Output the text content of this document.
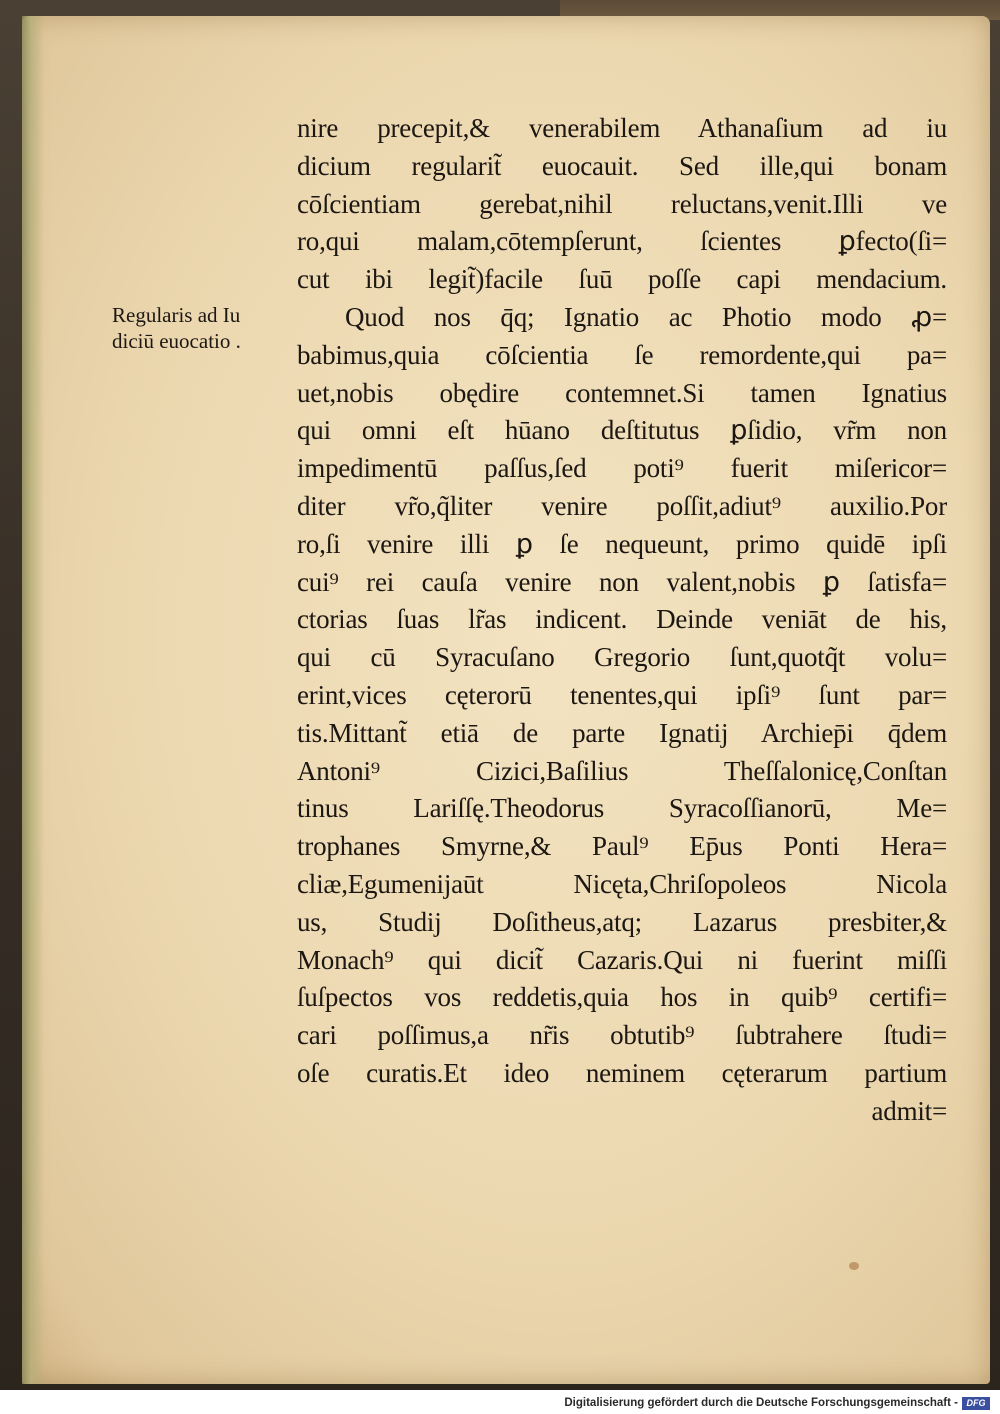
Regularis ad Iu
diciū euocatio .
nire precepit,& venerabilem Athanaſium ad iu
dicium regularit̃ euocauit. Sed ille,qui bonam
cōſcientiam gerebat,nihil reluctans,venit.Illi ve
ro,qui malam,cōtempſerunt, ſcientes ꝑfecto(ſi=
cut ibi legit̃)facile ſuū poſſe capi mendacium.
Quod nos q̄q; Ignatio ac Photio modo ꝓ=
babimus,quia cōſcientia ſe remordente,qui pa=
uet,nobis obędire contemnet.Si tamen Ignatius
qui omni eſt hūano deſtitutus ꝑſidio, vr̃m non
impedimentū paſſus,ſed poti⁹ fuerit miſericor=
diter vr̃o,q̃liter venire poſſit,adiut⁹ auxilio.Por
ro,ſi venire illi ꝑ ſe nequeunt, primo quidē ipſi
cui⁹ rei cauſa venire non valent,nobis ꝑ ſatisfa=
ctorias ſuas lr̃as indicent. Deinde veniāt de his,
qui cū Syracuſano Gregorio ſunt,quotq̃t volu=
erint,vices cęterorū tenentes,qui ipſi⁹ ſunt par=
tis.Mittant̃ etiā de parte Ignatij Archiep̄i q̄dem
Antoni⁹ Cizici,Baſilius Theſſalonicę,Conſtan
tinus Lariſſę.Theodorus Syracoſſianorū, Me=
trophanes Smyrne,& Paul⁹ Ep̄us Ponti Hera=
cliæ,Egumenijaūt Nicęta,Chriſopoleos Nicola
us, Studij Doſitheus,atq; Lazarus presbiter,&
Monach⁹ qui dicit̃ Cazaris.Qui ni fuerint miſſi
ſuſpectos vos reddetis,quia hos in quib⁹ certifi=
cari poſſimus,a nr̃is obtutib⁹ ſubtrahere ſtudi=
oſe curatis.Et ideo neminem cęterarum partium
admit=
Digitalisierung gefördert durch die Deutsche Forschungsgemeinschaft - DFG
